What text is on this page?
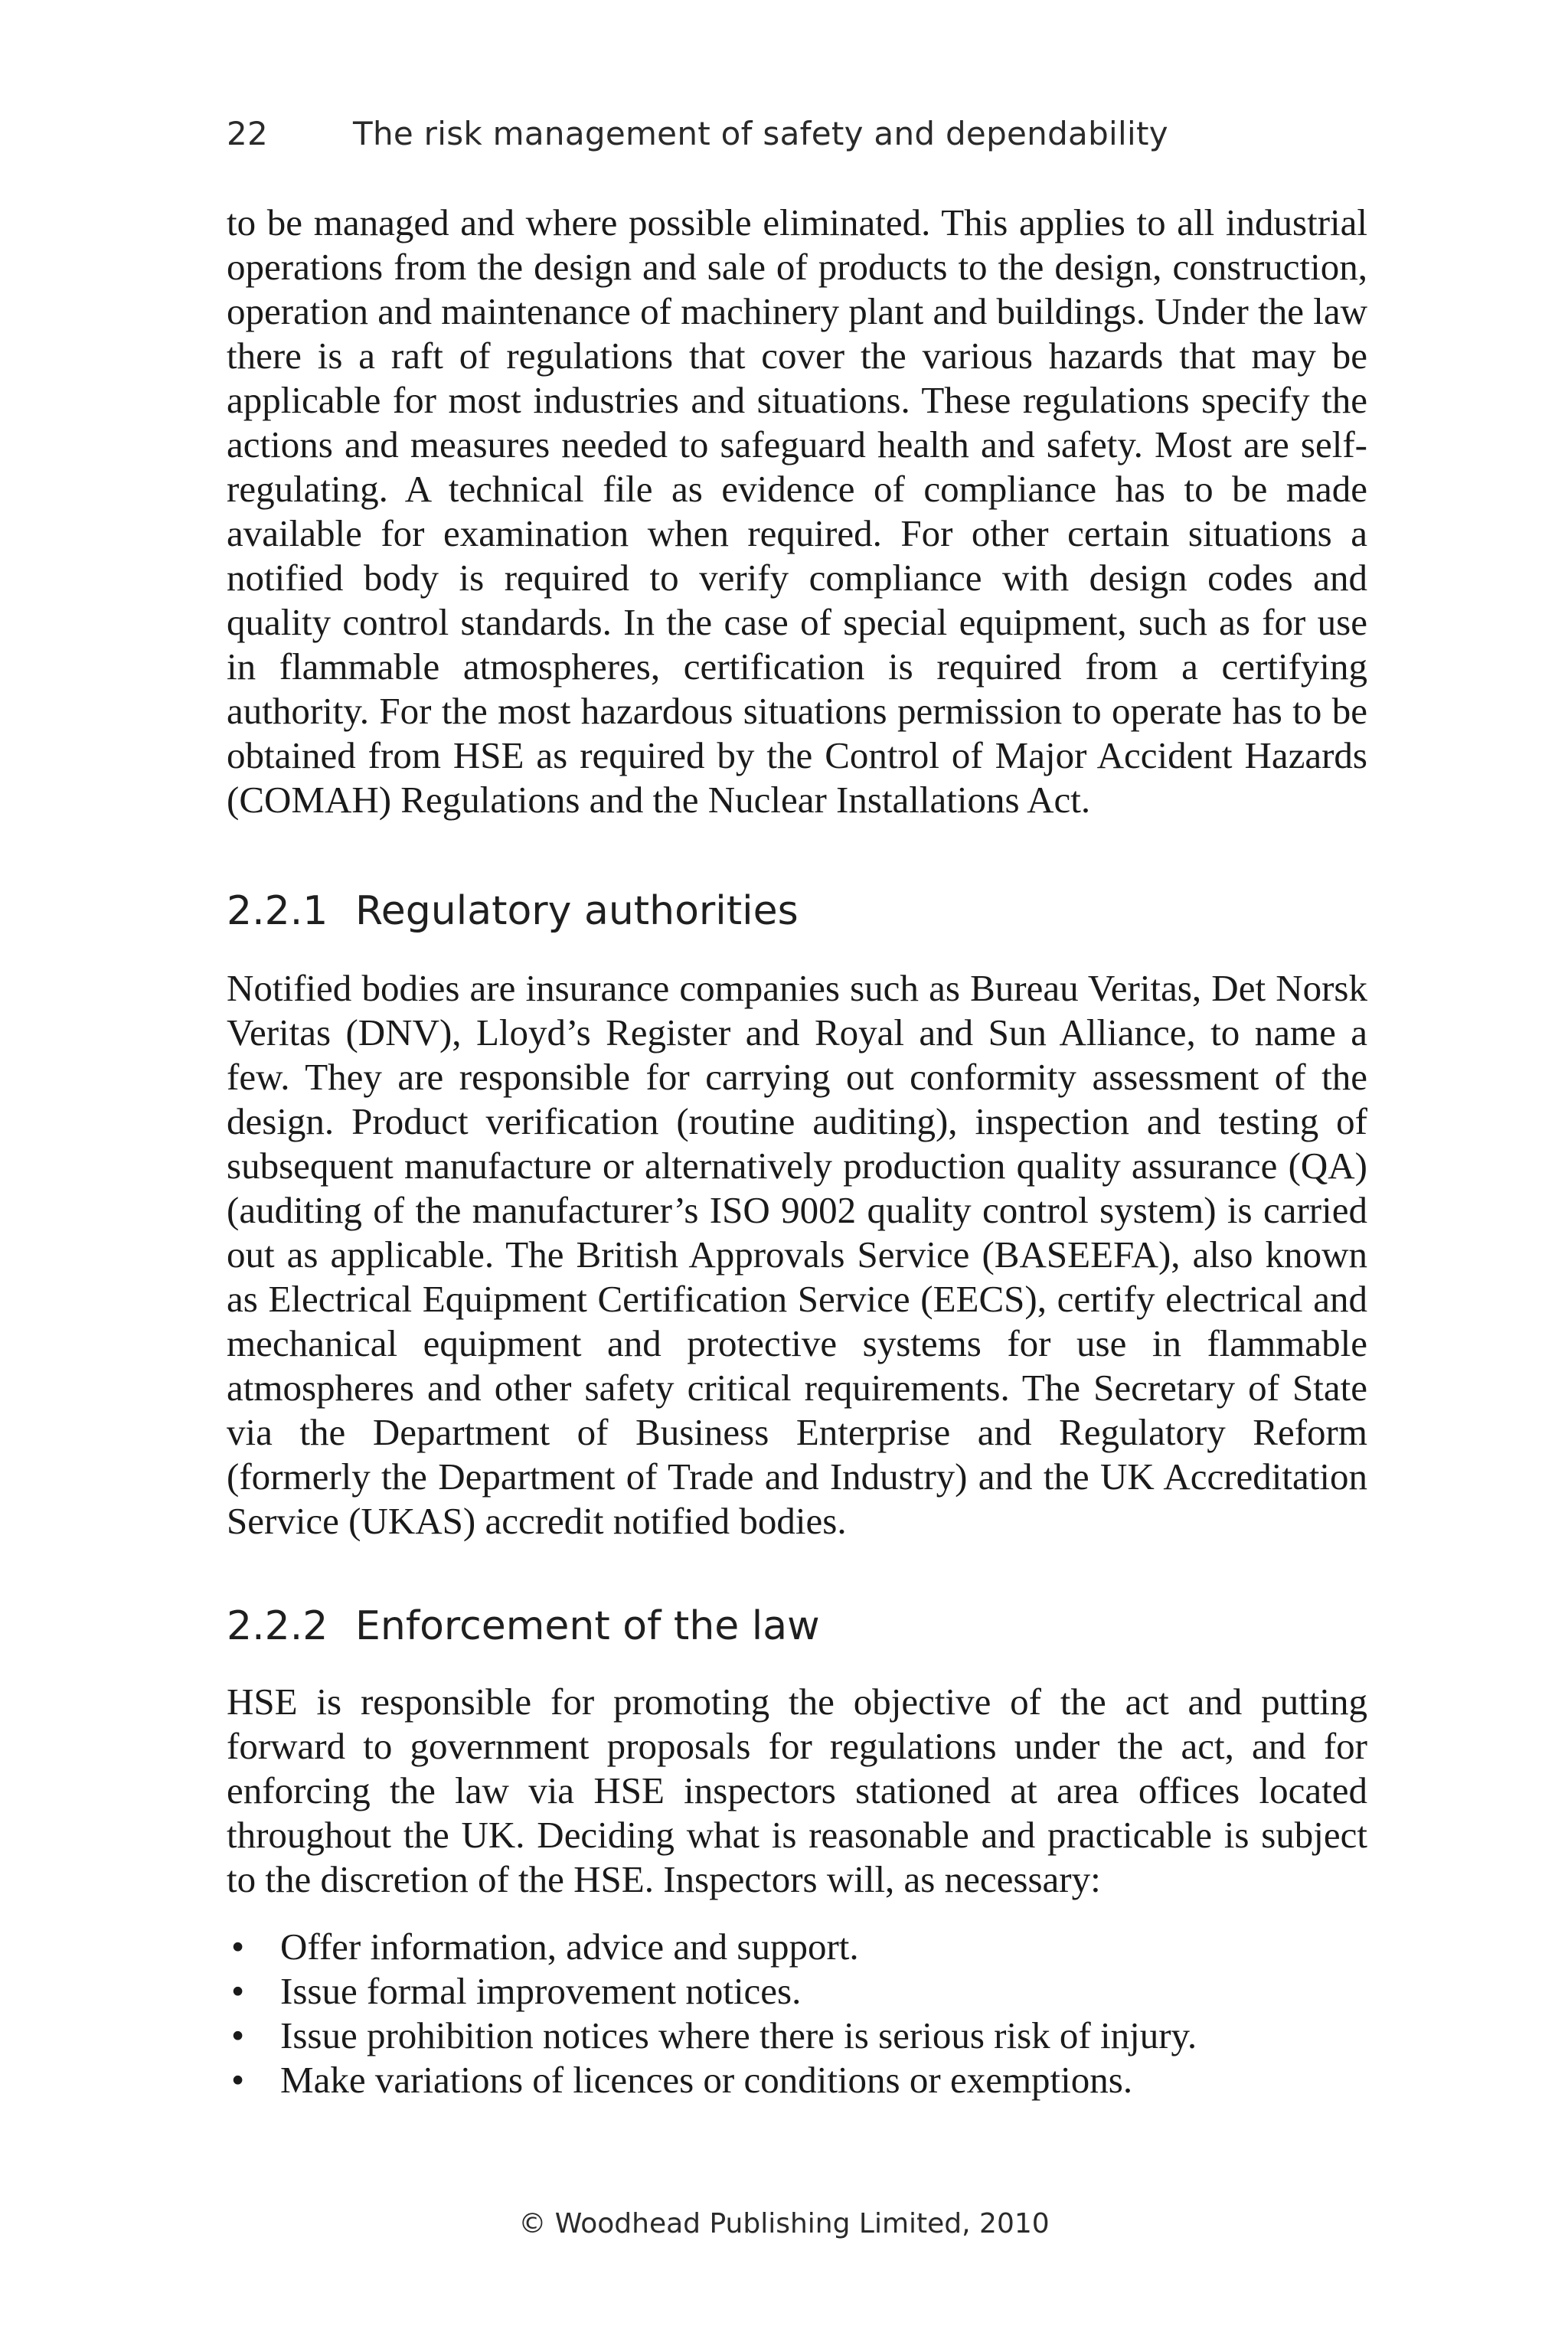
22	The risk management of safety and dependability

to be managed and where possible eliminated. This applies to all industrial operations from the design and sale of products to the design, construction, operation and maintenance of machinery plant and buildings. Under the law there is a raft of regulations that cover the various hazards that may be applicable for most industries and situations. These regulations specify the actions and measures needed to safeguard health and safety. Most are self-regulating. A technical file as evidence of compliance has to be made available for examination when required. For other certain situations a notified body is required to verify compliance with design codes and quality control standards. In the case of special equipment, such as for use in flammable atmospheres, certification is required from a certifying authority. For the most hazardous situations permission to operate has to be obtained from HSE as required by the Control of Major Accident Hazards (COMAH) Regulations and the Nuclear Installations Act.

2.2.1 Regulatory authorities

Notified bodies are insurance companies such as Bureau Veritas, Det Norsk Veritas (DNV), Lloyd’s Register and Royal and Sun Alliance, to name a few. They are responsible for carrying out conformity assessment of the design. Product verification (routine auditing), inspection and testing of subsequent manufacture or alternatively production quality assurance (QA) (auditing of the manufacturer’s ISO 9002 quality control system) is carried out as applicable. The British Approvals Service (BASEEFA), also known as Electrical Equipment Certification Service (EECS), certify electrical and mechanical equipment and protective systems for use in flammable atmospheres and other safety critical requirements. The Secretary of State via the Department of Business Enterprise and Regulatory Reform (formerly the Department of Trade and Industry) and the UK Accreditation Service (UKAS) accredit notified bodies.

2.2.2 Enforcement of the law

HSE is responsible for promoting the objective of the act and putting forward to government proposals for regulations under the act, and for enforcing the law via HSE inspectors stationed at area offices located throughout the UK. Deciding what is reasonable and practicable is subject to the discretion of the HSE. Inspectors will, as necessary:

• Offer information, advice and support.
• Issue formal improvement notices.
• Issue prohibition notices where there is serious risk of injury.
• Make variations of licences or conditions or exemptions.
© Woodhead Publishing Limited, 2010
